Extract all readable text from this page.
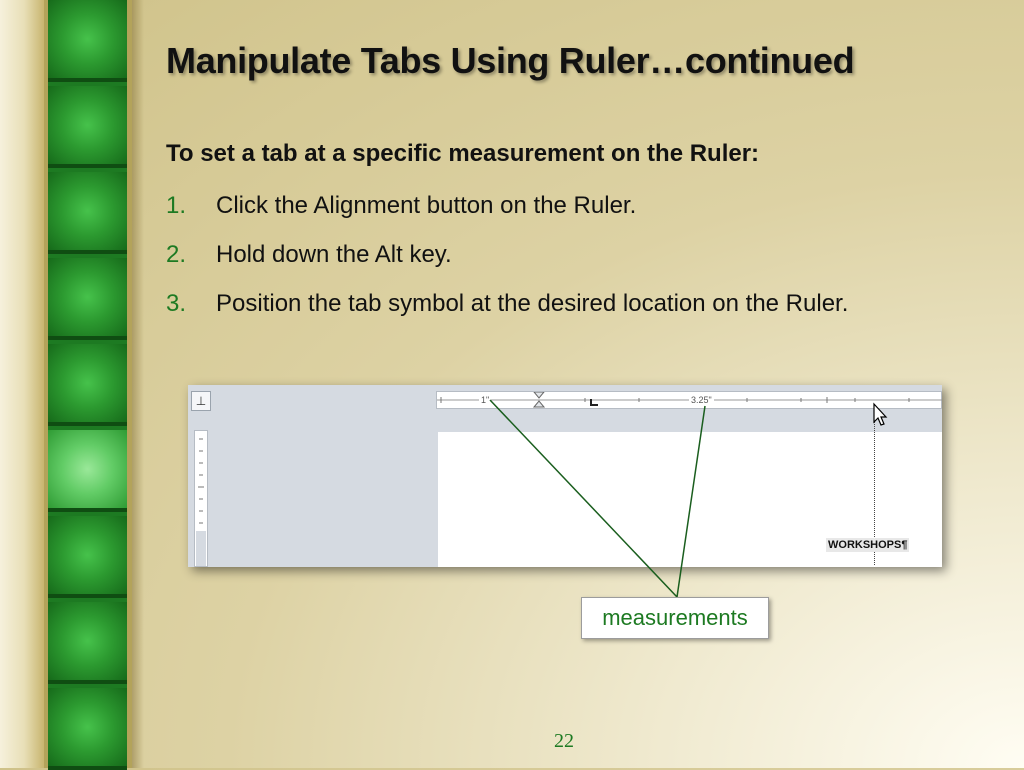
Manipulate Tabs Using Ruler…continued
To set a tab at a specific measurement on the Ruler:
1.	Click the Alignment button on the Ruler.
2.	Hold down the Alt key.
3.	Position the tab symbol at the desired location on the Ruler.
⊥	1"	3.25"
WORKSHOPS¶
measurements
22
